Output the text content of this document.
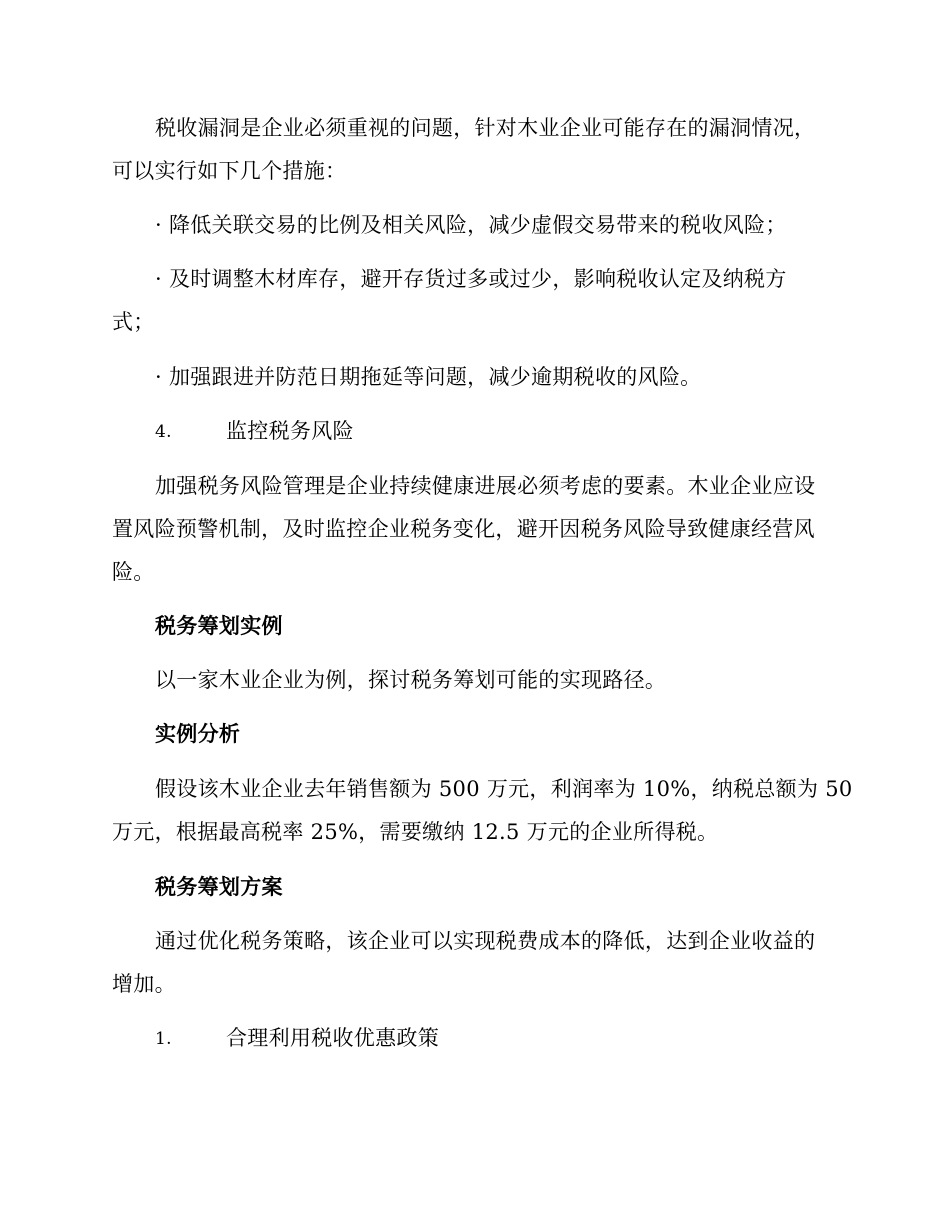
税收漏洞是企业必须重视的问题，针对木业企业可能存在的漏洞情况，
可以实行如下几个措施：
· 降低关联交易的比例及相关风险，减少虚假交易带来的税收风险；
· 及时调整木材库存，避开存货过多或过少，影响税收认定及纳税方
式；
· 加强跟进并防范日期拖延等问题，减少逾期税收的风险。
4.	监控税务风险
加强税务风险管理是企业持续健康进展必须考虑的要素。木业企业应设
置风险预警机制，及时监控企业税务变化，避开因税务风险导致健康经营风
险。
税务筹划实例
以一家木业企业为例，探讨税务筹划可能的实现路径。
实例分析
假设该木业企业去年销售额为 500 万元，利润率为 10%，纳税总额为 50
万元，根据最高税率 25%，需要缴纳 12.5 万元的企业所得税。
税务筹划方案
通过优化税务策略，该企业可以实现税费成本的降低，达到企业收益的
增加。
1.	合理利用税收优惠政策
